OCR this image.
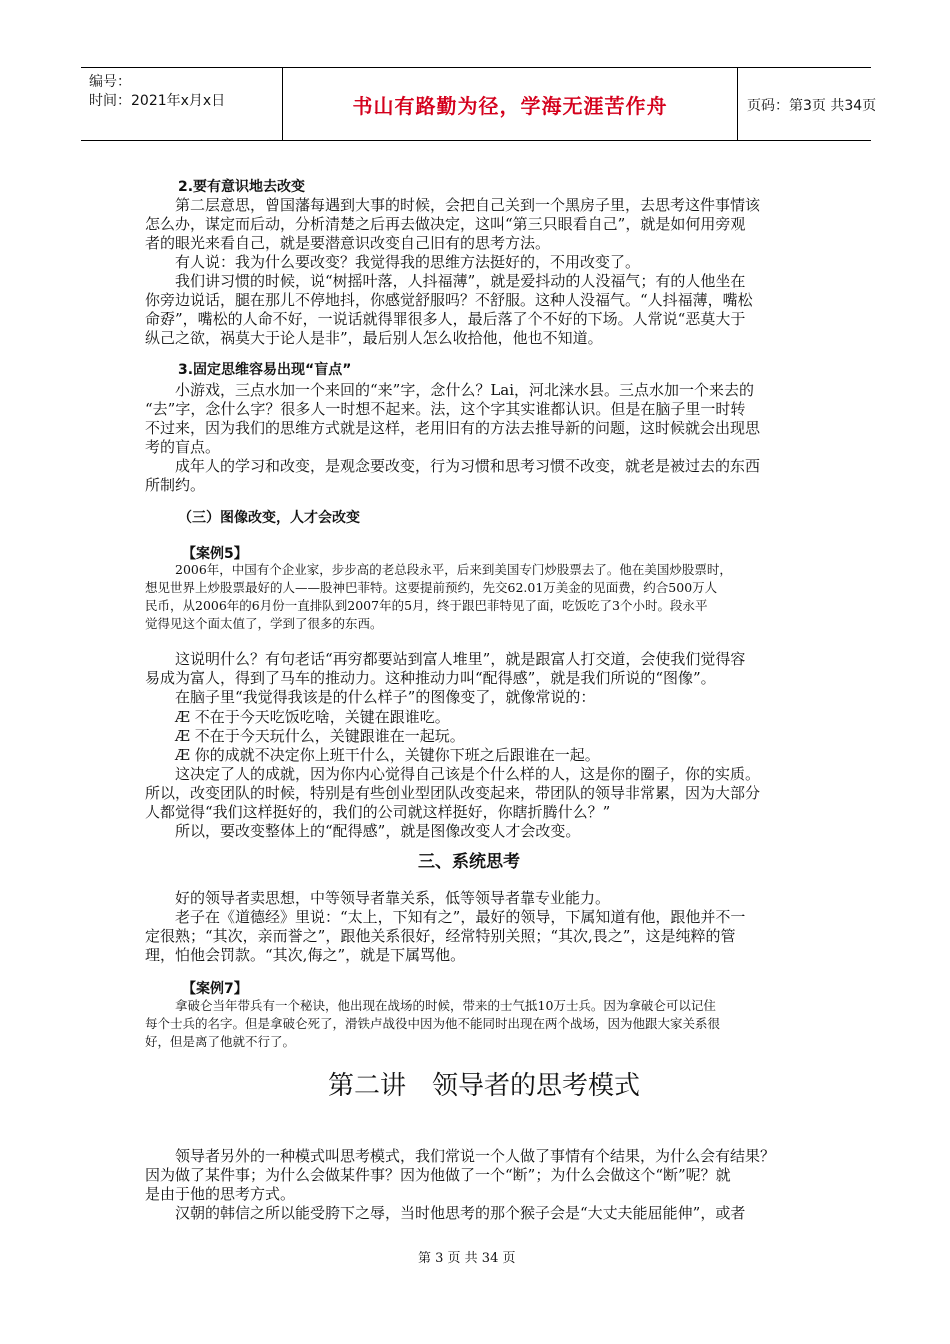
编号：
时间：2021年x月x日	书山有路勤为径，学海无涯苦作舟	页码：第3页 共34页
2.要有意识地去改变
第二层意思，曾国藩每遇到大事的时候，会把自己关到一个黑房子里，去思考这件事情该
怎么办，谋定而后动，分析清楚之后再去做决定，这叫“第三只眼看自己”，就是如何用旁观
者的眼光来看自己，就是要潜意识改变自己旧有的思考方法。
有人说：我为什么要改变？我觉得我的思维方法挺好的，不用改变了。
我们讲习惯的时候，说“树摇叶落，人抖福薄”，就是爱抖动的人没福气；有的人他坐在
你旁边说话，腿在那儿不停地抖，你感觉舒服吗？不舒服。这种人没福气。“人抖福薄，嘴松
命孬”，嘴松的人命不好，一说话就得罪很多人，最后落了个不好的下场。人常说“恶莫大于
纵己之欲，祸莫大于论人是非”，最后别人怎么收拾他，他也不知道。
3.固定思维容易出现“盲点”
小游戏，三点水加一个来回的“来”字，念什么？Lai，河北涞水县。三点水加一个来去的
“去”字，念什么字？很多人一时想不起来。法，这个字其实谁都认识。但是在脑子里一时转
不过来，因为我们的思维方式就是这样，老用旧有的方法去推导新的问题，这时候就会出现思
考的盲点。
成年人的学习和改变，是观念要改变，行为习惯和思考习惯不改变，就老是被过去的东西
所制约。
（三）图像改变，人才会改变
【案例5】
2006年，中国有个企业家，步步高的老总段永平，后来到美国专门炒股票去了。他在美国炒股票时，
想见世界上炒股票最好的人——股神巴菲特。这要提前预约，先交62.01万美金的见面费，约合500万人
民币，从2006年的6月份一直排队到2007年的5月，终于跟巴菲特见了面，吃饭吃了3个小时。段永平
觉得见这个面太值了，学到了很多的东西。
这说明什么？有句老话“再穷都要站到富人堆里”，就是跟富人打交道，会使我们觉得容
易成为富人，得到了马车的推动力。这种推动力叫“配得感”，就是我们所说的“图像”。
在脑子里“我觉得我该是的什么样子”的图像变了，就像常说的：
Æ 不在于今天吃饭吃啥，关键在跟谁吃。
Æ 不在于今天玩什么，关键跟谁在一起玩。
Æ 你的成就不决定你上班干什么，关键你下班之后跟谁在一起。
这决定了人的成就，因为你内心觉得自己该是个什么样的人，这是你的圈子，你的实质。
所以，改变团队的时候，特别是有些创业型团队改变起来，带团队的领导非常累，因为大部分
人都觉得“我们这样挺好的，我们的公司就这样挺好，你瞎折腾什么？”
所以，要改变整体上的“配得感”，就是图像改变人才会改变。
三、系统思考
好的领导者卖思想，中等领导者靠关系，低等领导者靠专业能力。
老子在《道德经》里说：“太上，下知有之”，最好的领导，下属知道有他，跟他并不一
定很熟；“其次，亲而誉之”，跟他关系很好，经常特别关照；“其次,畏之”，这是纯粹的管
理，怕他会罚款。“其次,侮之”，就是下属骂他。
【案例7】
拿破仑当年带兵有一个秘诀，他出现在战场的时候，带来的士气抵10万士兵。因为拿破仑可以记住
每个士兵的名字。但是拿破仑死了，滑铁卢战役中因为他不能同时出现在两个战场，因为他跟大家关系很
好，但是离了他就不行了。
第二讲　领导者的思考模式
领导者另外的一种模式叫思考模式，我们常说一个人做了事情有个结果，为什么会有结果？
因为做了某件事；为什么会做某件事？因为他做了一个“断”；为什么会做这个“断”呢？就
是由于他的思考方式。
汉朝的韩信之所以能受胯下之辱，当时他思考的那个猴子会是“大丈夫能屈能伸”，或者
第 3 页 共 34 页
